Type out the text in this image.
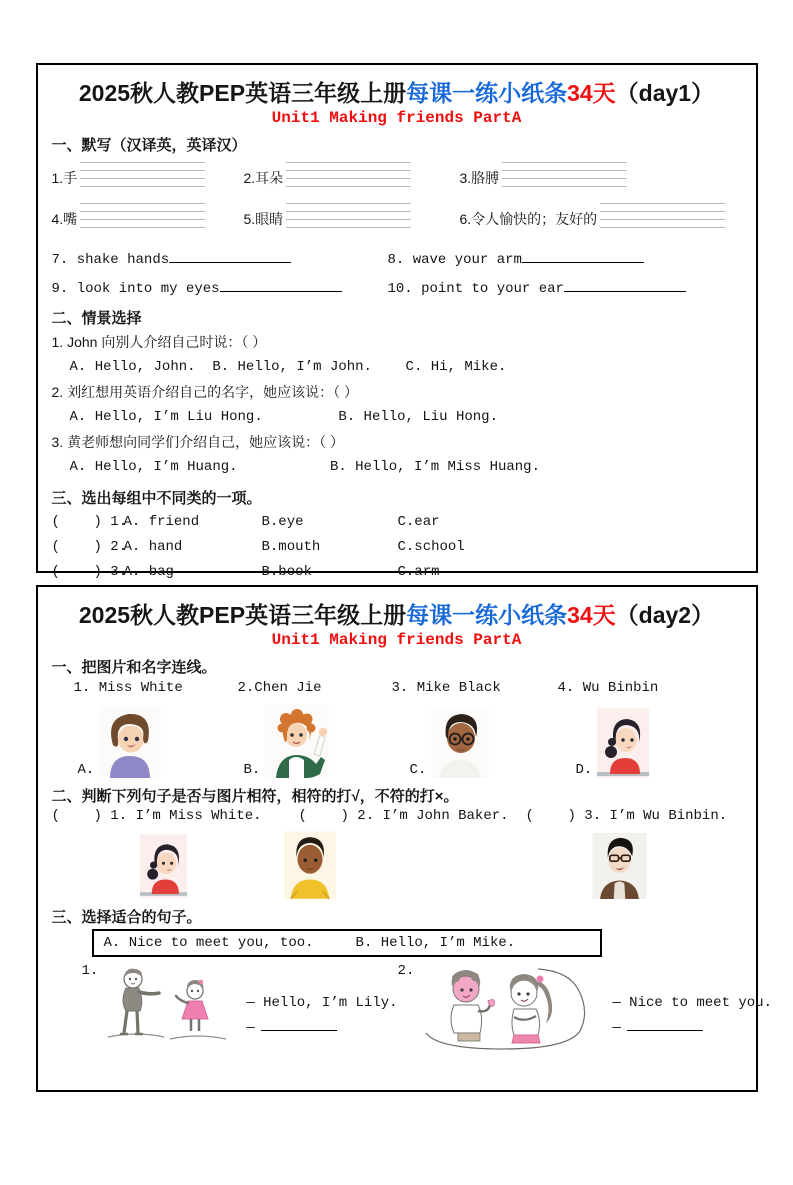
2025秋人教PEP英语三年级上册每课一练小纸条34天（day1）
Unit1 Making friends PartA
一、默写（汉译英，英译汉）
1.手	2.耳朵	3.胳膊
4.嘴	5.眼睛	6.令人愉快的；友好的
7. shake hands	8. wave your arm
9. look into my eyes	10. point to your ear
二、情景选择
1. John 向别人介绍自己时说：（ ）
A. Hello, John.  B. Hello, I’m John.    C. Hi, Mike.
2. 刘红想用英语介绍自己的名字，她应该说：（ ）
A. Hello, I’m Liu Hong.         B. Hello, Liu Hong.
3. 黄老师想向同学们介绍自己，她应该说：（ ）
A. Hello, I’m Huang.           B. Hello, I’m Miss Huang.
三、选出每组中不同类的一项。
(    ) 1.
A. friend	B.eye	C.ear
(    ) 2.
A. hand	B.mouth	C.school
(    ) 3.
A. bag	B.book	C.arm
2025秋人教PEP英语三年级上册每课一练小纸条34天（day2）
Unit1 Making friends PartA
一、把图片和名字连线。
1. Miss White	2.Chen Jie	3. Mike Black	4. Wu Binbin
A.	B.	C.	D.
二、判断下列句子是否与图片相符，相符的打√，不符的打×。
(    ) 1. I’m Miss White.	(    ) 2. I’m John Baker.	(    ) 3. I’m Wu Binbin.
三、选择适合的句子。
A. Nice to meet you, too.     B. Hello, I’m Mike.
1.
— Hello, I’m Lily.
—
2.
— Nice to meet you.
—
